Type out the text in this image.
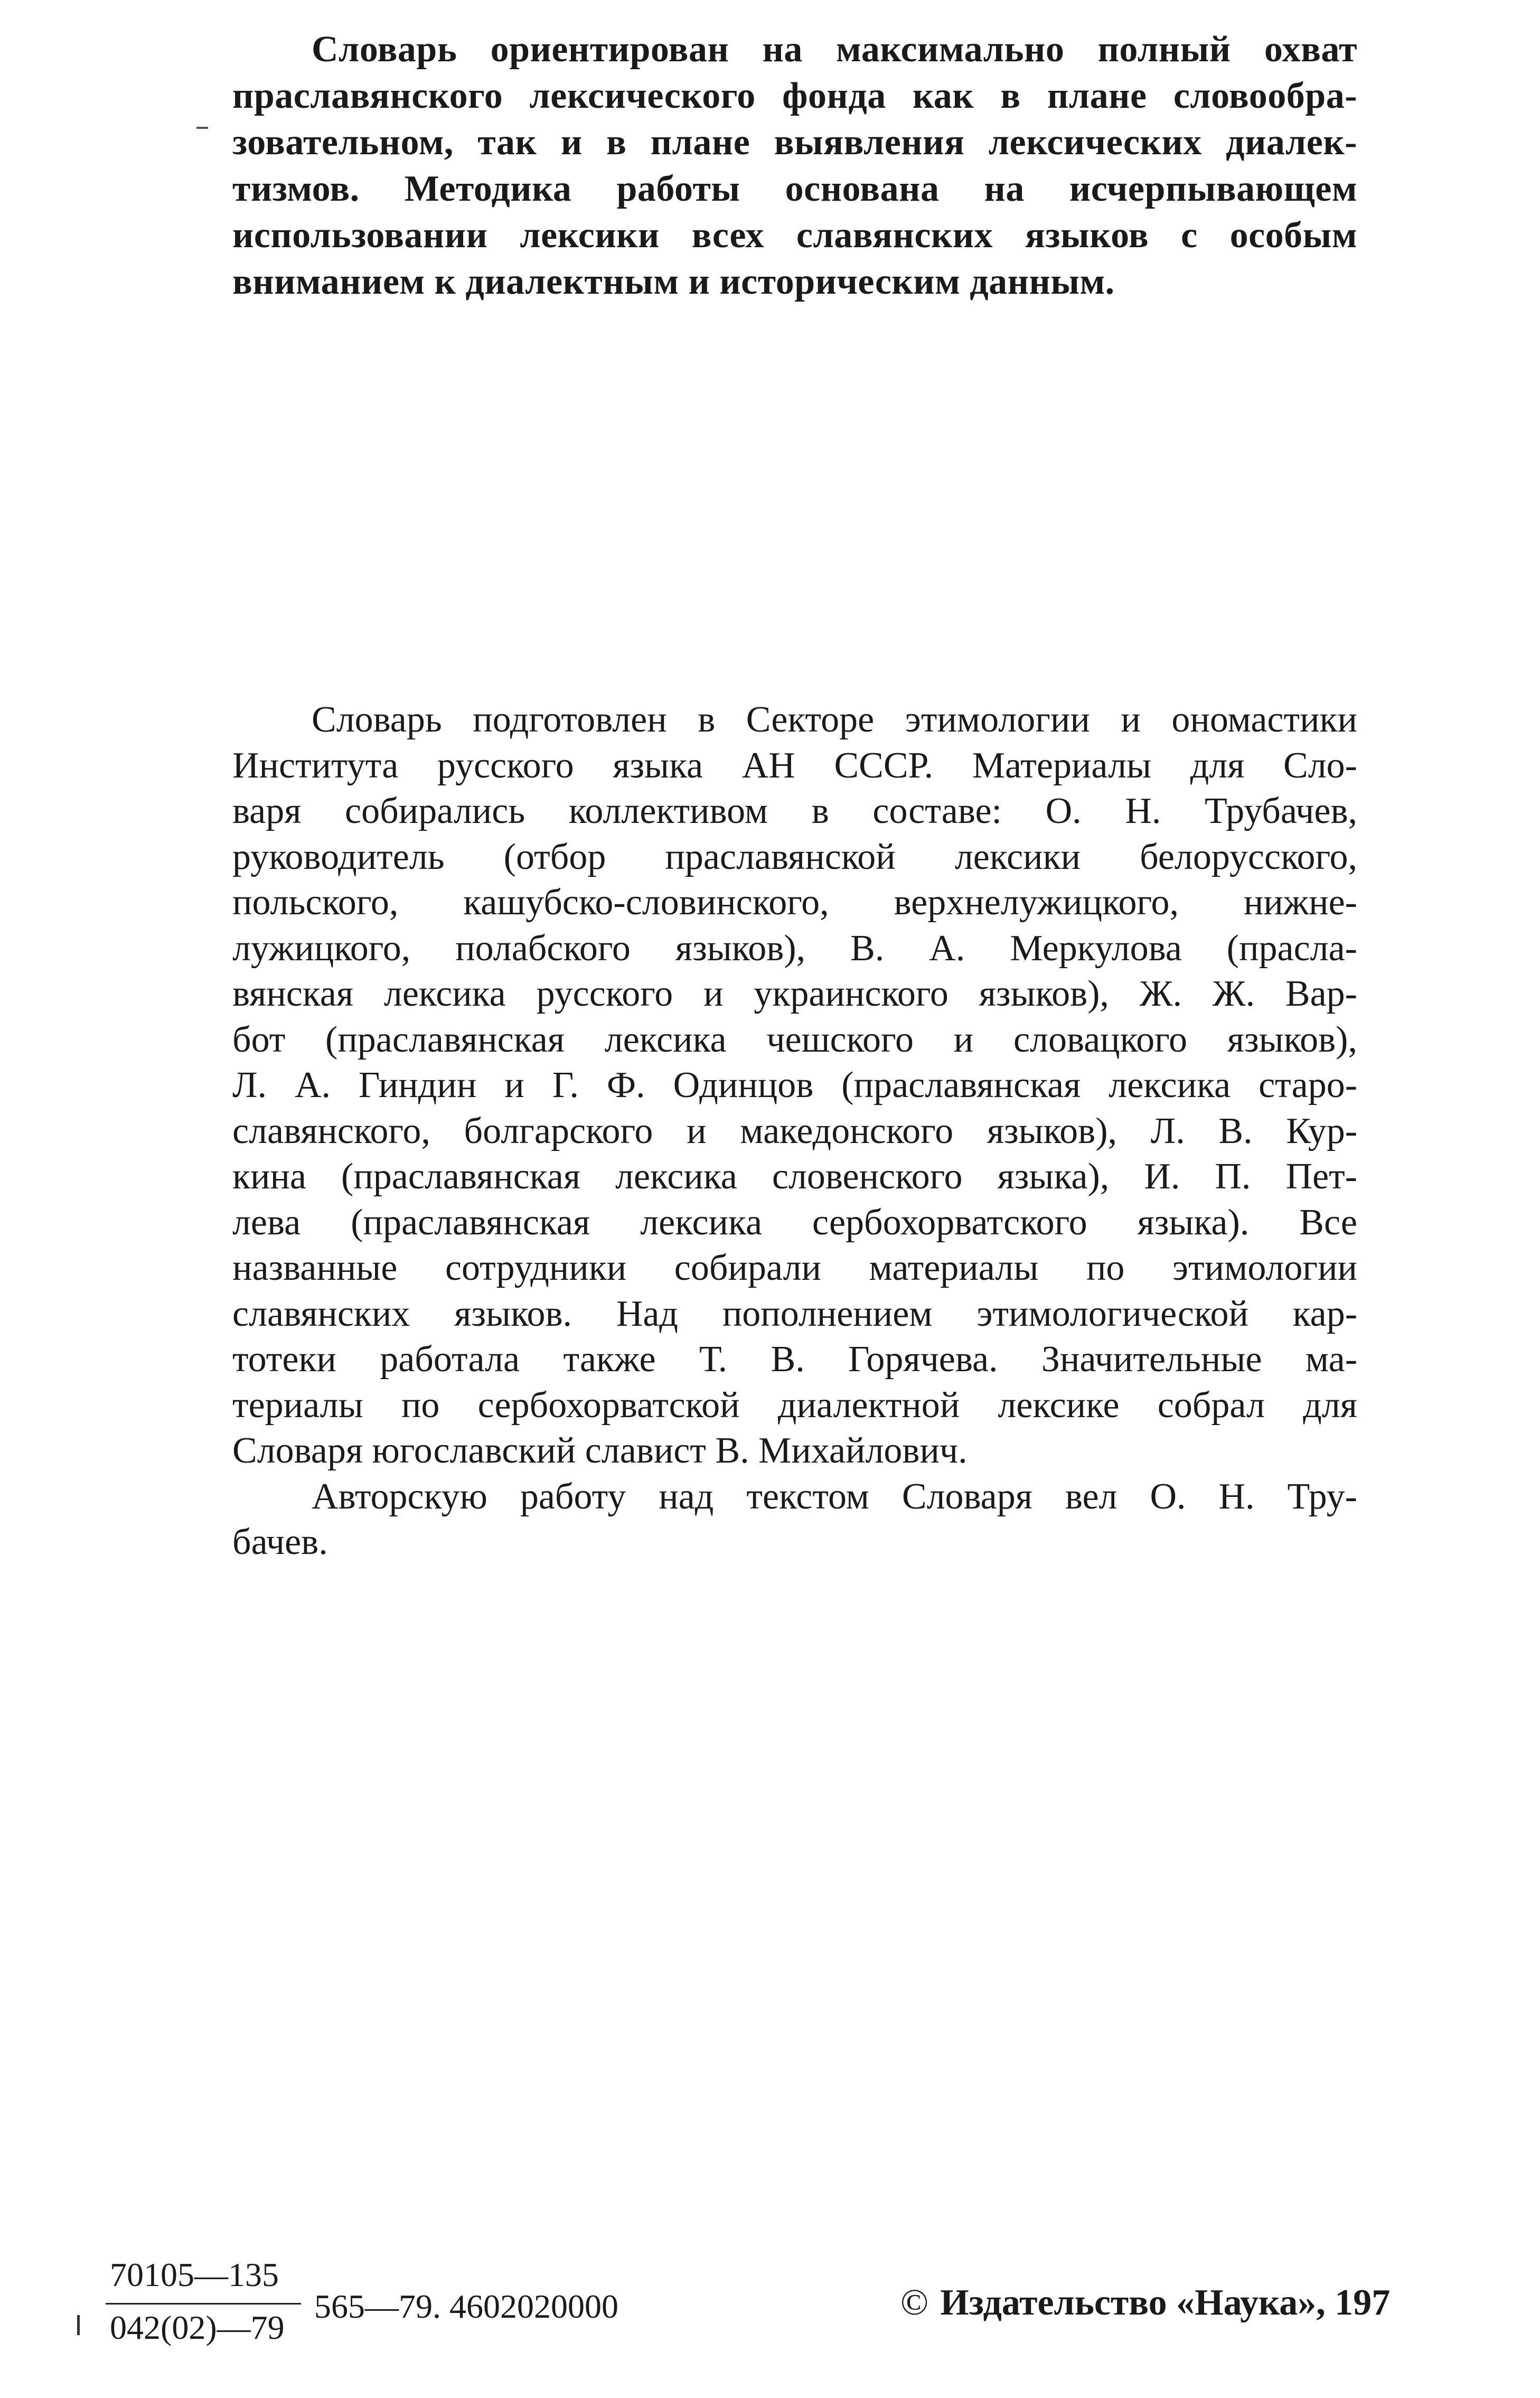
Словарь ориентирован на максимально полный охват
праславянского лексического фонда как в плане словообра-
зовательном, так и в плане выявления лексических диалек-
тизмов. Методика работы основана на исчерпывающем
использовании лексики всех славянских языков с особым
вниманием к диалектным и историческим данным.
Словарь подготовлен в Секторе этимологии и ономастики
Института русского языка АН СССР. Материалы для Сло-
варя собирались коллективом в составе: О. Н. Трубачев,
руководитель (отбор праславянской лексики белорусского,
польского, кашубско-словинского, верхнелужицкого, нижне-
лужицкого, полабского языков), В. А. Меркулова (прасла-
вянская лексика русского и украинского языков), Ж. Ж. Вар-
бот (праславянская лексика чешского и словацкого языков),
Л. А. Гиндин и Г. Ф. Одинцов (праславянская лексика старо-
славянского, болгарского и македонского языков), Л. В. Кур-
кина (праславянская лексика словенского языка), И. П. Пет-
лева (праславянская лексика сербохорватского языка). Все
названные сотрудники собирали материалы по этимологии
славянских языков. Над пополнением этимологической кар-
тотеки работала также Т. В. Горячева. Значительные ма-
териалы по сербохорватской диалектной лексике собрал для
Словаря югославский славист В. Михайлович.
Авторскую работу над текстом Словаря вел О. Н. Тру-
бачев.
70105—135
042(02)—79
565—79. 4602020000	© Издательство «Наука», 197
